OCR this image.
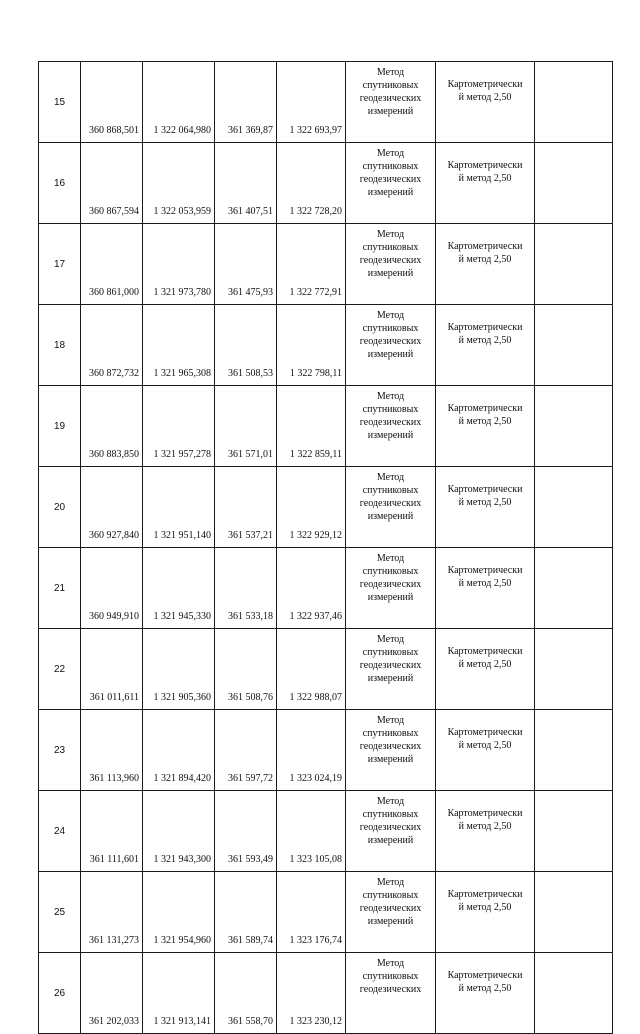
15	360 868,501	1 322 064,980	361 369,87	1 322 693,97	Метод
спутниковых
геодезических
измерений	Картометрически
й метод 2,50	
16	360 867,594	1 322 053,959	361 407,51	1 322 728,20	Метод
спутниковых
геодезических
измерений	Картометрически
й метод 2,50	
17	360 861,000	1 321 973,780	361 475,93	1 322 772,91	Метод
спутниковых
геодезических
измерений	Картометрически
й метод 2,50	
18	360 872,732	1 321 965,308	361 508,53	1 322 798,11	Метод
спутниковых
геодезических
измерений	Картометрически
й метод 2,50	
19	360 883,850	1 321 957,278	361 571,01	1 322 859,11	Метод
спутниковых
геодезических
измерений	Картометрически
й метод 2,50	
20	360 927,840	1 321 951,140	361 537,21	1 322 929,12	Метод
спутниковых
геодезических
измерений	Картометрически
й метод 2,50	
21	360 949,910	1 321 945,330	361 533,18	1 322 937,46	Метод
спутниковых
геодезических
измерений	Картометрически
й метод 2,50	
22	361 011,611	1 321 905,360	361 508,76	1 322 988,07	Метод
спутниковых
геодезических
измерений	Картометрически
й метод 2,50	
23	361 113,960	1 321 894,420	361 597,72	1 323 024,19	Метод
спутниковых
геодезических
измерений	Картометрически
й метод 2,50	
24	361 111,601	1 321 943,300	361 593,49	1 323 105,08	Метод
спутниковых
геодезических
измерений	Картометрически
й метод 2,50	
25	361 131,273	1 321 954,960	361 589,74	1 323 176,74	Метод
спутниковых
геодезических
измерений	Картометрически
й метод 2,50	
26	361 202,033	1 321 913,141	361 558,70	1 323 230,12	Метод
спутниковых
геодезических	Картометрически
й метод 2,50	
